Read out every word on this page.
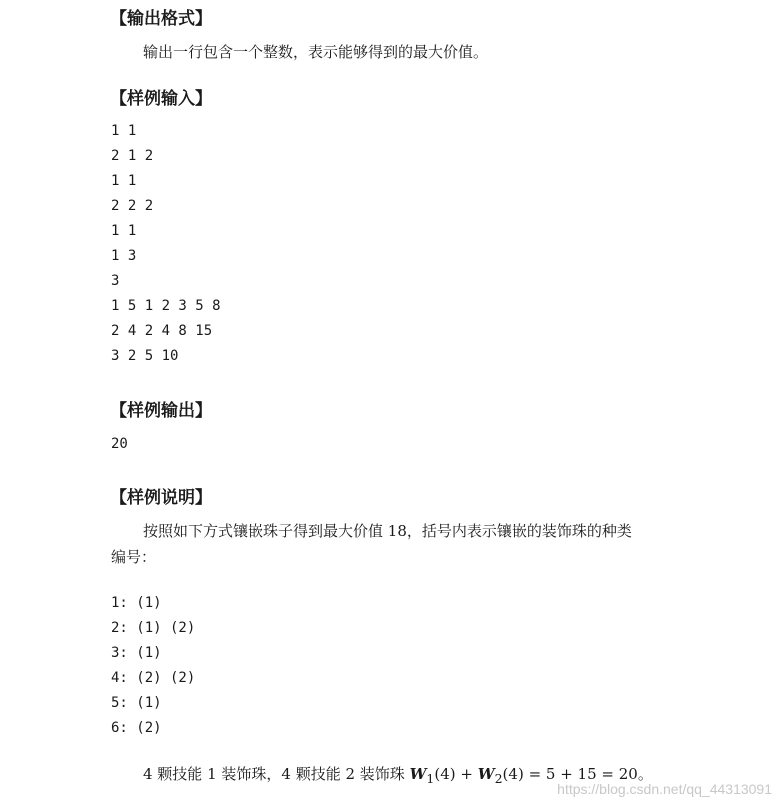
【输出格式】
输出一行包含一个整数，表示能够得到的最大价值。
【样例输入】
1 1
2 1 2
1 1
2 2 2
1 1
1 3
3
1 5 1 2 3 5 8
2 4 2 4 8 15
3 2 5 10
【样例输出】
20
【样例说明】
按照如下方式镶嵌珠子得到最大价值 18，括号内表示镶嵌的装饰珠的种类
编号：
1: (1)
2: (1) (2)
3: (1)
4: (2) (2)
5: (1)
6: (2)
4 颗技能 1 装饰珠，4 颗技能 2 装饰珠 $W_1(4) + W_2(4) = 5 + 15 = 20$。
https://blog.csdn.net/qq_44313091
